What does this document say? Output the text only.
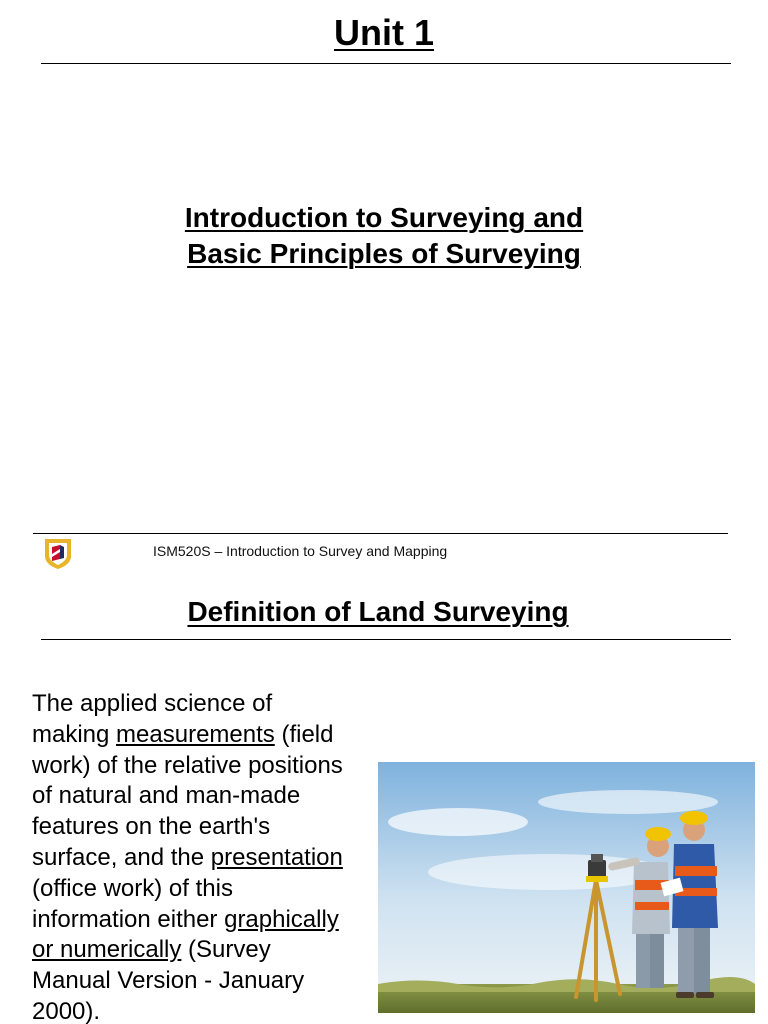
Unit 1
Introduction to Surveying and
Basic Principles of Surveying
ISM520S – Introduction to Survey and Mapping
Definition of Land Surveying

The applied science of
making measurements (field
work) of the relative positions
of natural and man-made
features on the earth's
surface, and the presentation
(office work) of this
information either graphically
or numerically (Survey
Manual Version - January
2000).
